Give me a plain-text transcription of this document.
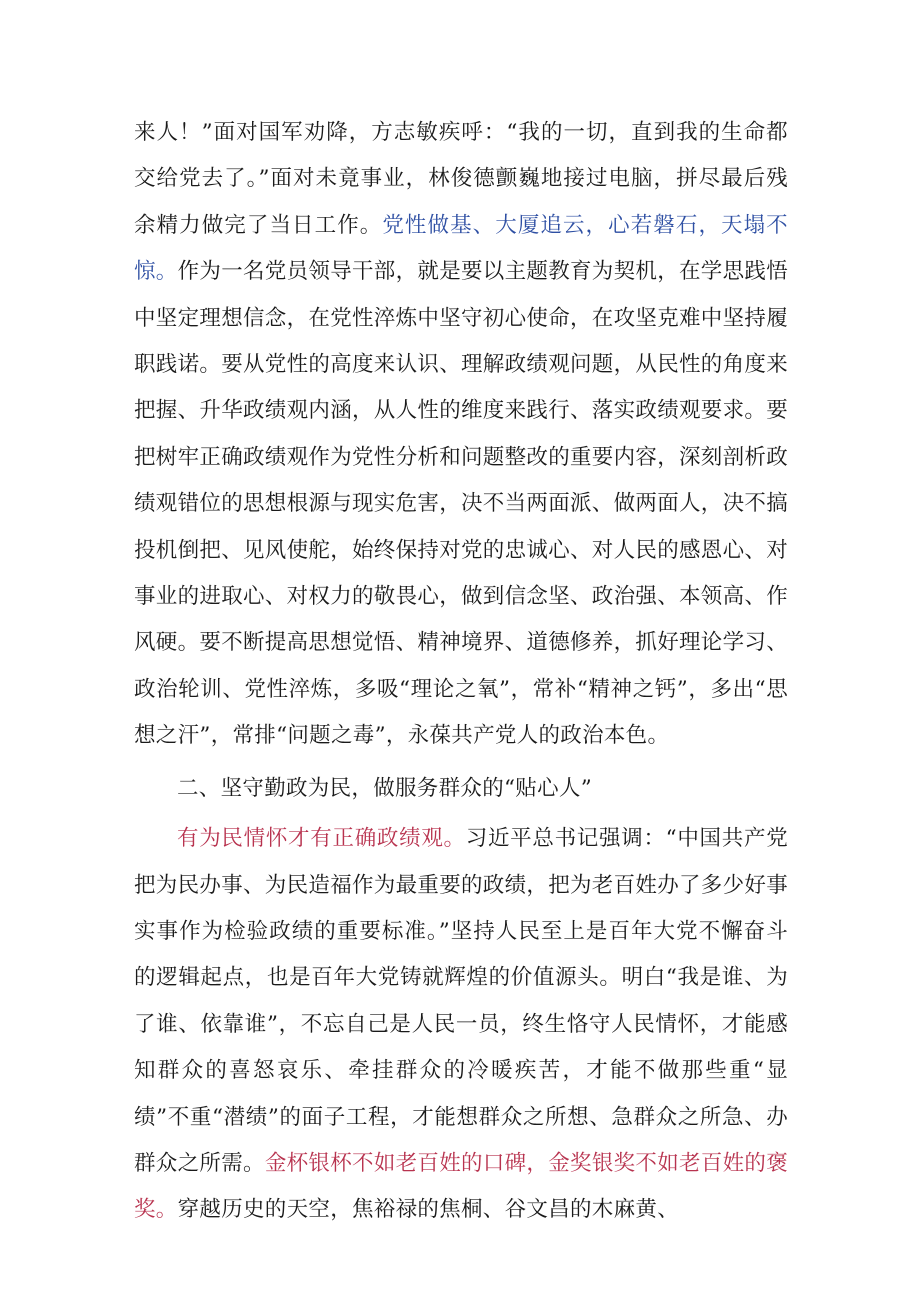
来人！”面对国军劝降，方志敏疾呼：“我的一切，直到我的生命都交给党去了。”面对未竟事业，林俊德颤巍地接过电脑，拼尽最后残余精力做完了当日工作。党性做基、大厦追云，心若磐石，天塌不惊。作为一名党员领导干部，就是要以主题教育为契机，在学思践悟中坚定理想信念，在党性淬炼中坚守初心使命，在攻坚克难中坚持履职践诺。要从党性的高度来认识、理解政绩观问题，从民性的角度来把握、升华政绩观内涵，从人性的维度来践行、落实政绩观要求。要把树牢正确政绩观作为党性分析和问题整改的重要内容，深刻剖析政绩观错位的思想根源与现实危害，决不当两面派、做两面人，决不搞投机倒把、见风使舵，始终保持对党的忠诚心、对人民的感恩心、对事业的进取心、对权力的敬畏心，做到信念坚、政治强、本领高、作风硬。要不断提高思想觉悟、精神境界、道德修养，抓好理论学习、政治轮训、党性淬炼，多吸“理论之氧”，常补“精神之钙”，多出“思想之汗”，常排“问题之毒”，永葆共产党人的政治本色。

二、坚守勤政为民，做服务群众的“贴心人”

有为民情怀才有正确政绩观。习近平总书记强调：“中国共产党把为民办事、为民造福作为最重要的政绩，把为老百姓办了多少好事实事作为检验政绩的重要标准。”坚持人民至上是百年大党不懈奋斗的逻辑起点，也是百年大党铸就辉煌的价值源头。明白“我是谁、为了谁、依靠谁”，不忘自己是人民一员，终生恪守人民情怀，才能感知群众的喜怒哀乐、牵挂群众的冷暖疾苦，才能不做那些重“显绩”不重“潜绩”的面子工程，才能想群众之所想、急群众之所急、办群众之所需。金杯银杯不如老百姓的口碑，金奖银奖不如老百姓的褒奖。穿越历史的天空，焦裕禄的焦桐、谷文昌的木麻黄、
